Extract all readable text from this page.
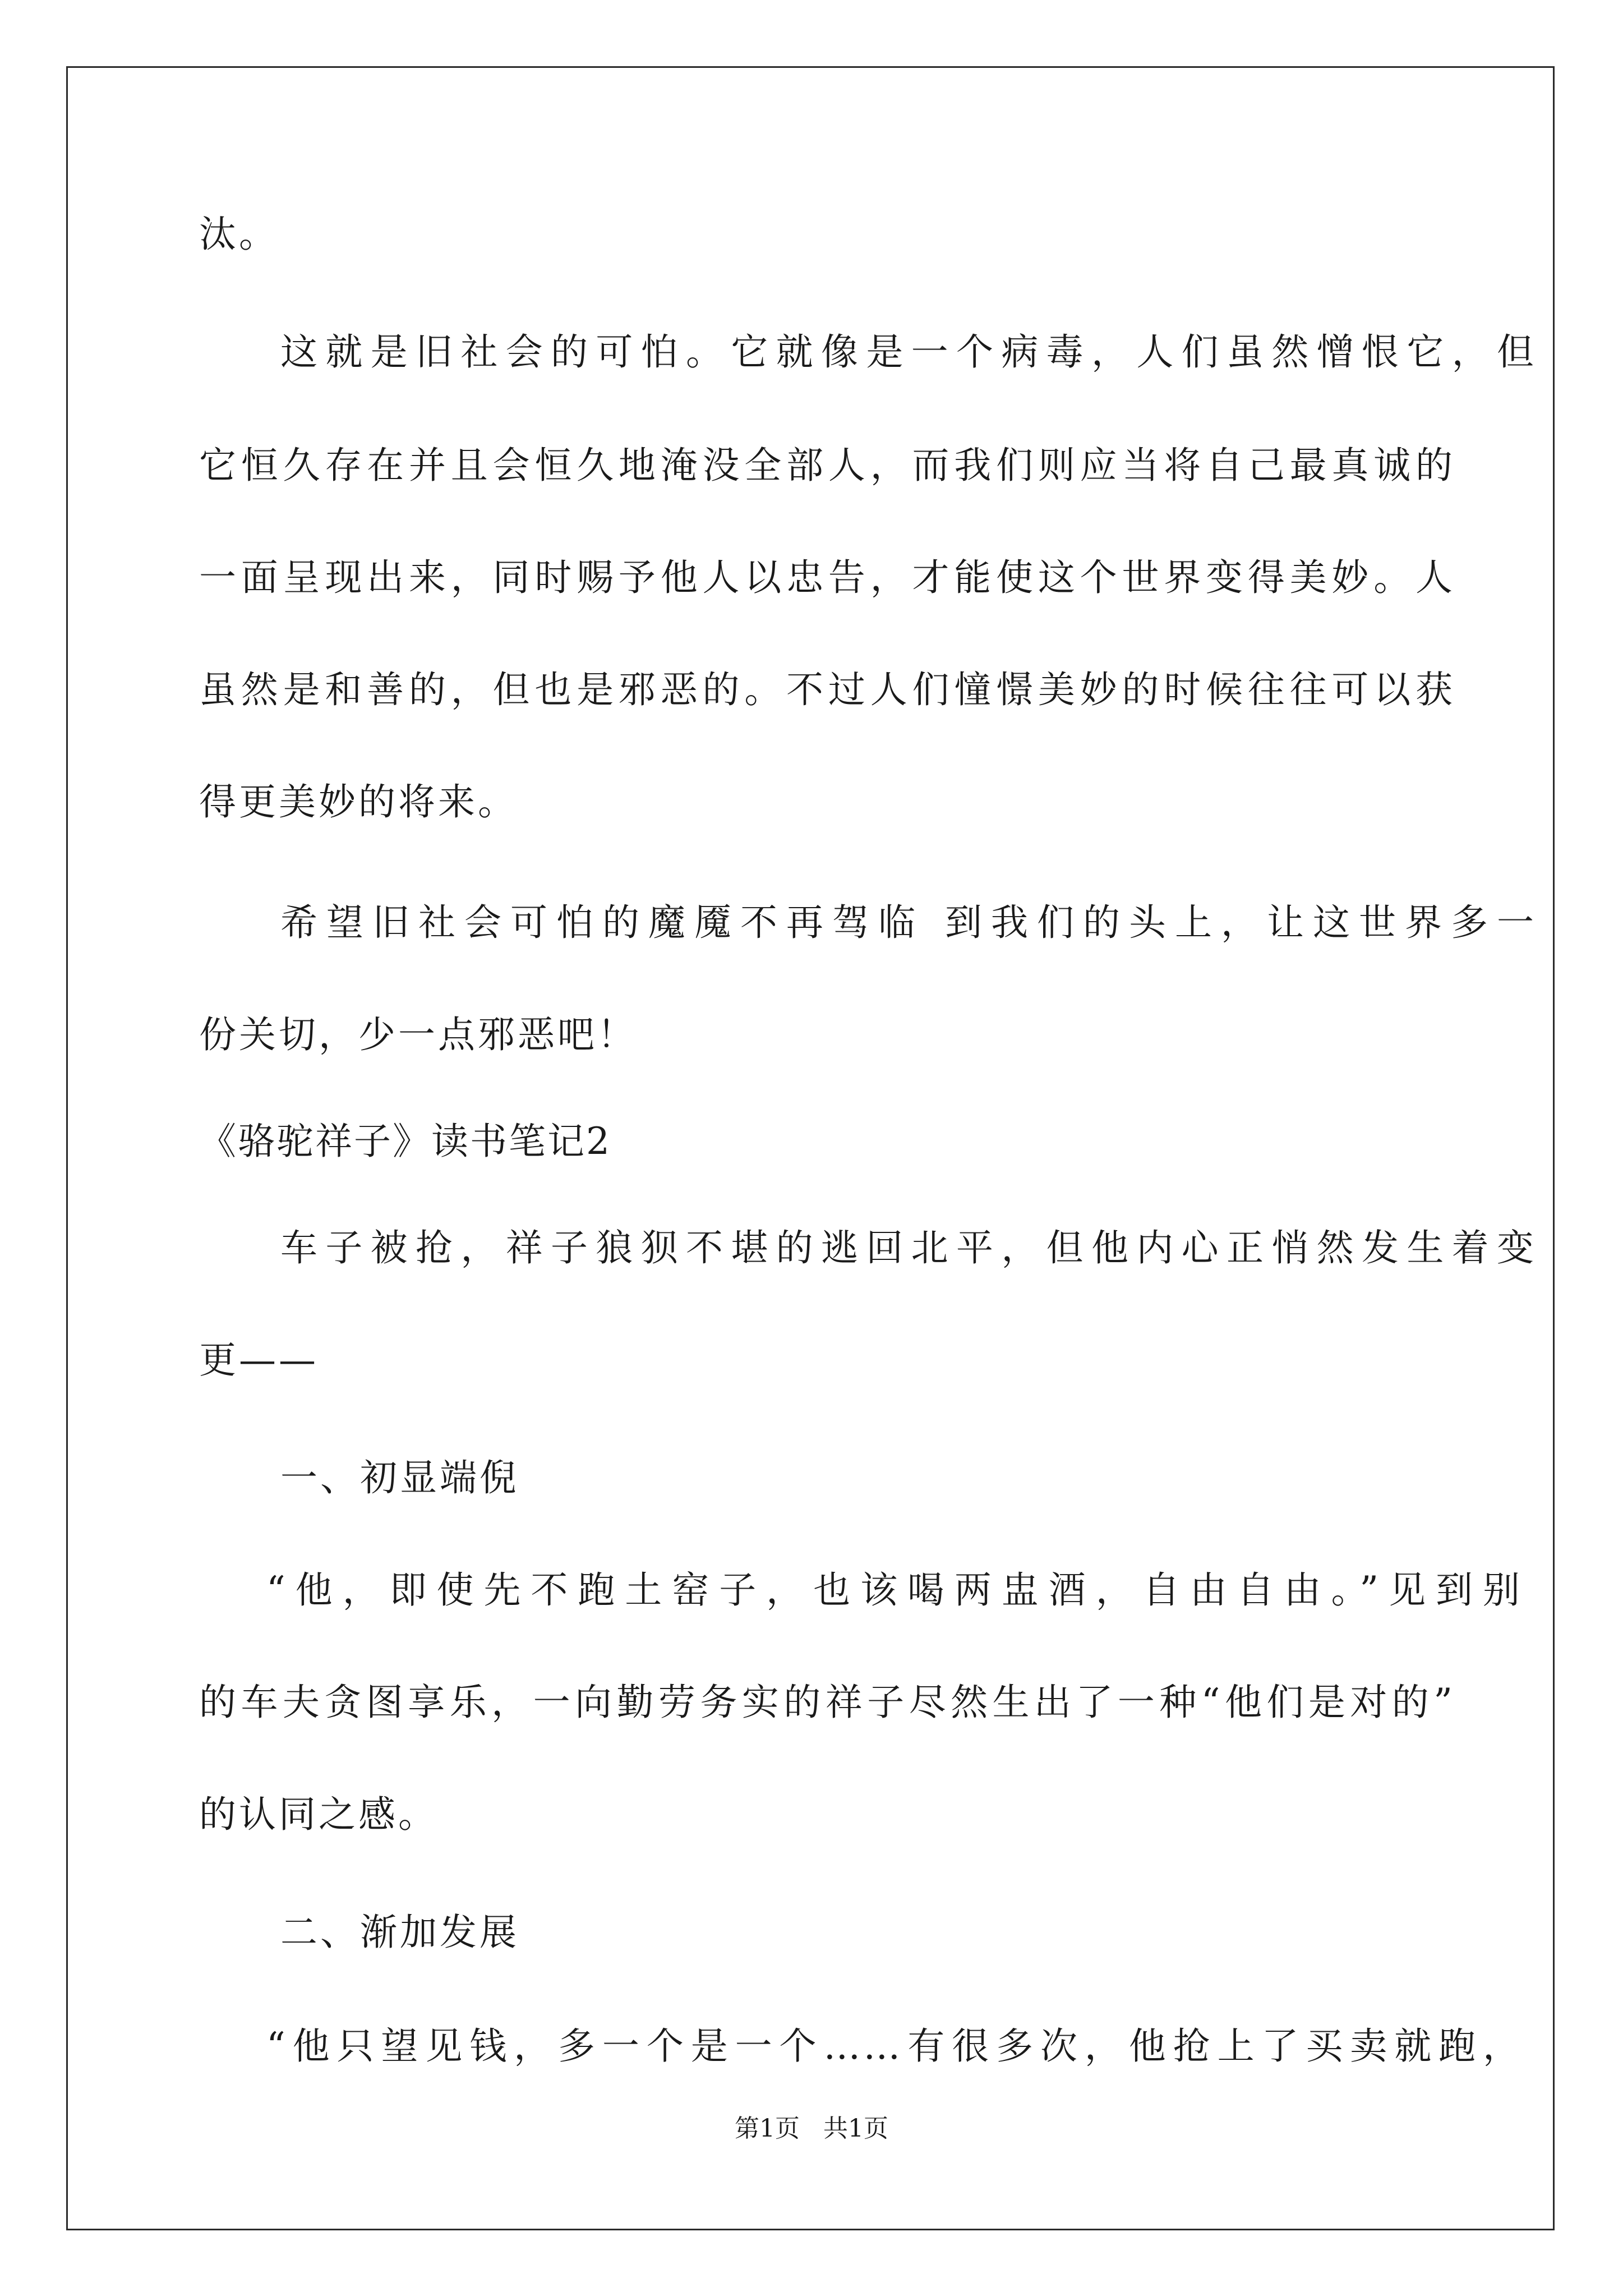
汰。
这就是旧社会的可怕。它就像是一个病毒，人们虽然憎恨它，但
它恒久存在并且会恒久地淹没全部人，而我们则应当将自己最真诚的
一面呈现出来，同时赐予他人以忠告，才能使这个世界变得美妙。人
虽然是和善的，但也是邪恶的。不过人们憧憬美妙的时候往往可以获
得更美妙的将来。
希望旧社会可怕的魔魇不再驾临 到我们的头上，让这世界多一
份关切，少一点邪恶吧！
《骆驼祥子》读书笔记2
车子被抢，祥子狼狈不堪的逃回北平，但他内心正悄然发生着变
更——
一、初显端倪
“他，即使先不跑土窑子，也该喝两盅酒，自由自由。”见到别
的车夫贪图享乐，一向勤劳务实的祥子尽然生出了一种“他们是对的”
的认同之感。
二、渐加发展
“他只望见钱，多一个是一个……有很多次，他抢上了买卖就跑，
第1页   共1页
